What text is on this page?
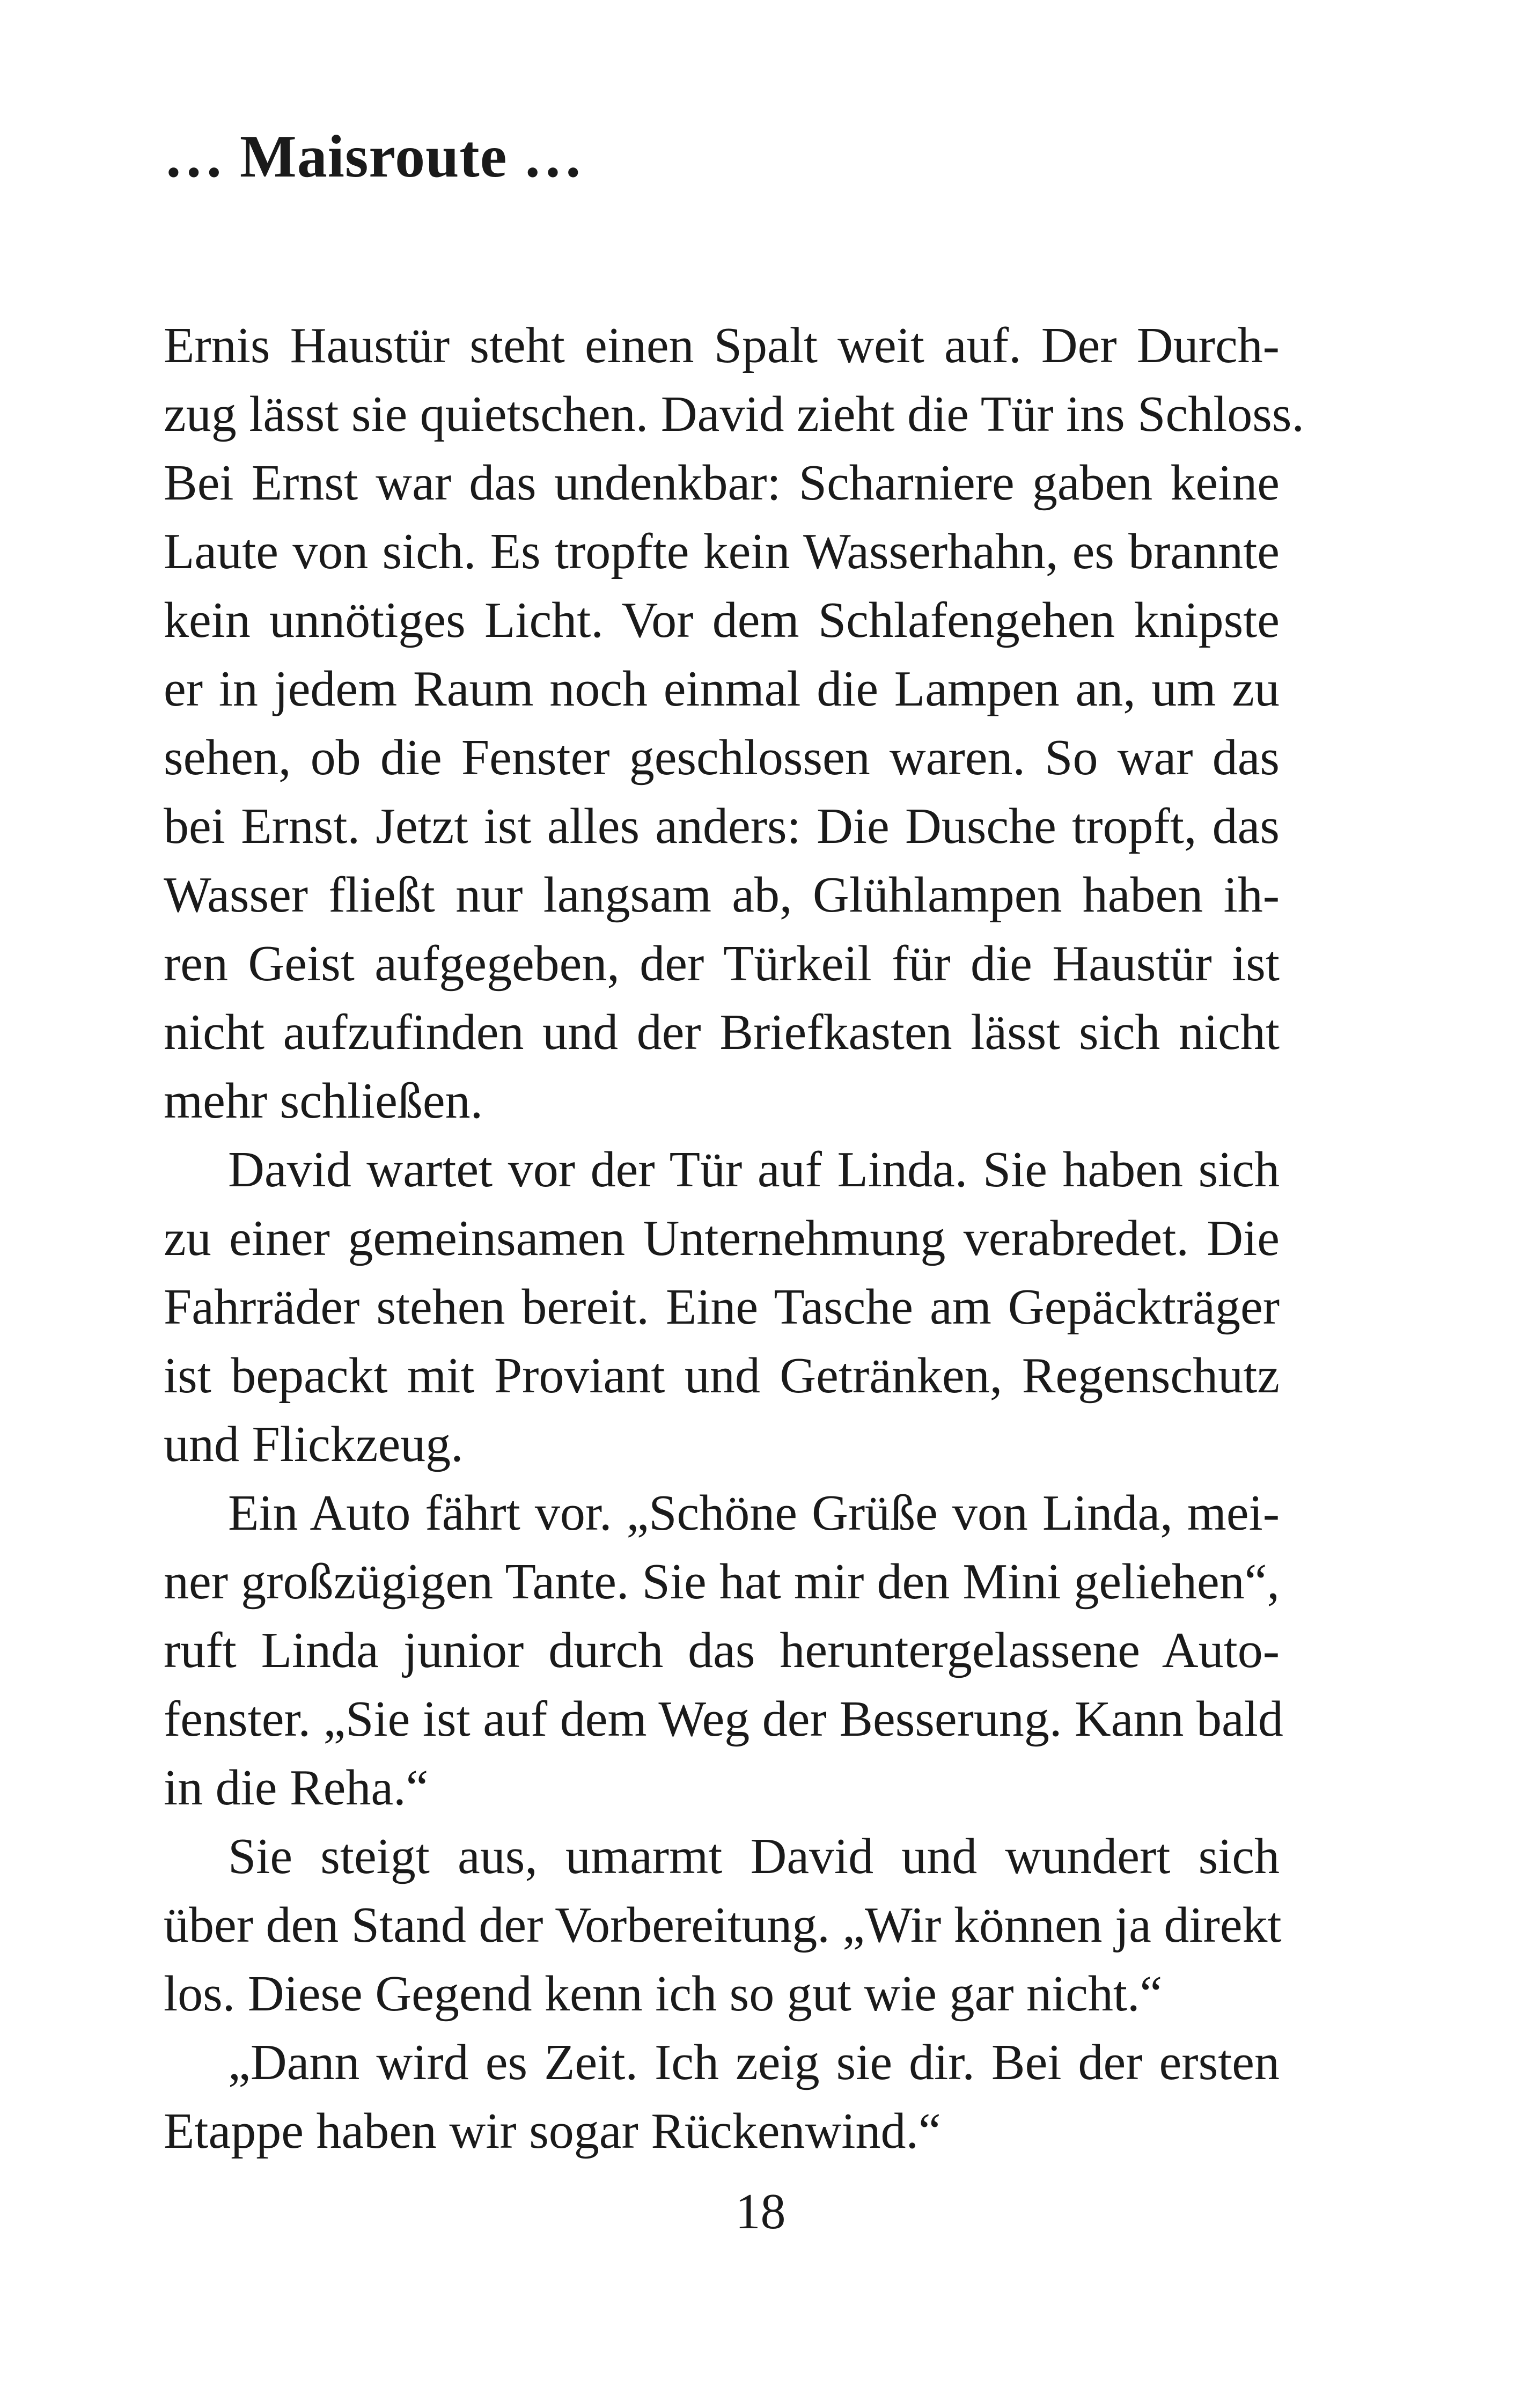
… Maisroute …
Ernis Haustür steht einen Spalt weit auf. Der Durch-
zug lässt sie quietschen. David zieht die Tür ins Schloss.
Bei Ernst war das undenkbar: Scharniere gaben keine
Laute von sich. Es tropfte kein Wasserhahn, es brannte
kein unnötiges Licht. Vor dem Schlafengehen knipste
er in jedem Raum noch einmal die Lampen an, um zu
sehen, ob die Fenster geschlossen waren. So war das
bei Ernst. Jetzt ist alles anders: Die Dusche tropft, das
Wasser fließt nur langsam ab, Glühlampen haben ih-
ren Geist aufgegeben, der Türkeil für die Haustür ist
nicht aufzufinden und der Briefkasten lässt sich nicht
mehr schließen.
David wartet vor der Tür auf Linda. Sie haben sich
zu einer gemeinsamen Unternehmung verabredet. Die
Fahrräder stehen bereit. Eine Tasche am Gepäckträger
ist bepackt mit Proviant und Getränken, Regenschutz
und Flickzeug.
Ein Auto fährt vor. „Schöne Grüße von Linda, mei-
ner großzügigen Tante. Sie hat mir den Mini geliehen“,
ruft Linda junior durch das heruntergelassene Auto-
fenster. „Sie ist auf dem Weg der Besserung. Kann bald
in die Reha.“
Sie steigt aus, umarmt David und wundert sich
über den Stand der Vorbereitung. „Wir können ja direkt
los. Diese Gegend kenn ich so gut wie gar nicht.“
„Dann wird es Zeit. Ich zeig sie dir. Bei der ersten
Etappe haben wir sogar Rückenwind.“
18
